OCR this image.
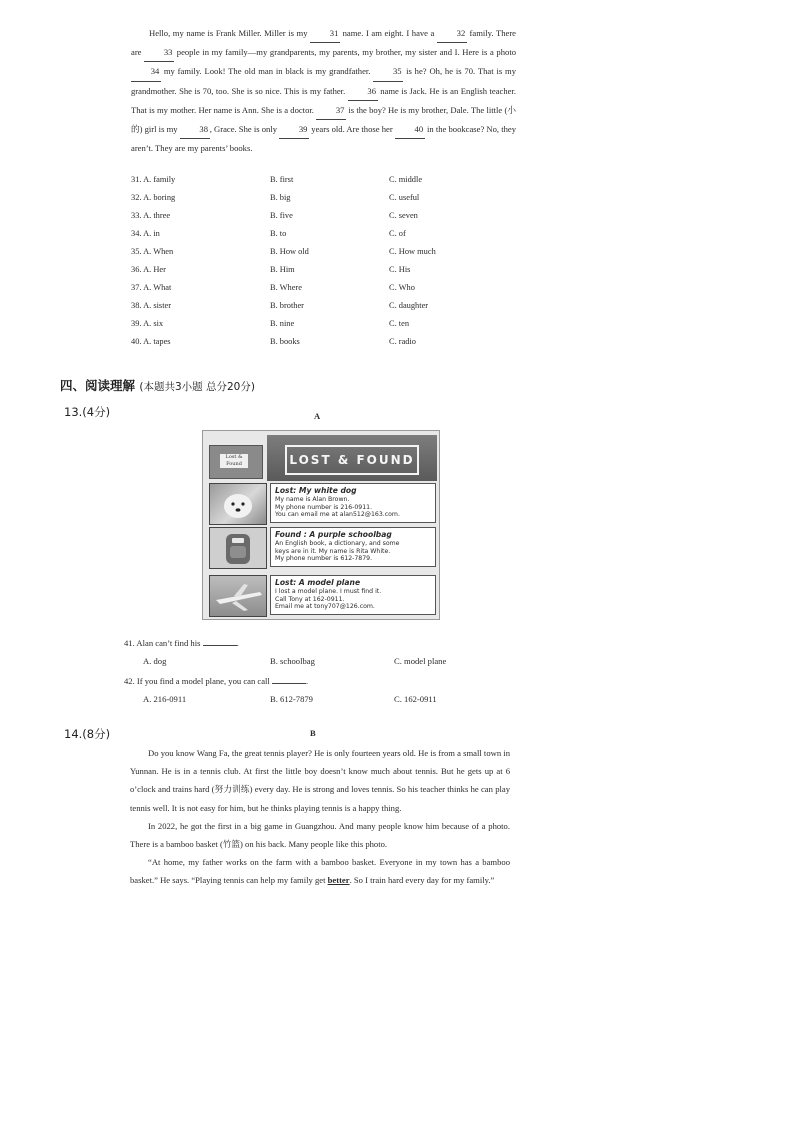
Hello, my name is Frank Miller. Miller is my 31 name. I am eight. I have a 32 family. There are 33 people in my family—my grandparents, my parents, my brother, my sister and I. Here is a photo 34 my family. Look! The old man in black is my grandfather. 35 is he? Oh, he is 70. That is my grandmother. She is 70, too. She is so nice. This is my father. 36 name is Jack. He is an English teacher. That is my mother. Her name is Ann. She is a doctor. 37 is the boy? He is my brother, Dale. The little (小的) girl is my 38 , Grace. She is only 39 years old. Are those her 40 in the bookcase? No, they aren’t. They are my parents’ books.

31. A. family	B. first	C. middle
32. A. boring	B. big	C. useful
33. A. three	B. five	C. seven
34. A. in	B. to	C. of
35. A. When	B. How old	C. How much
36. A. Her	B. Him	C. His
37. A. What	B. Where	C. Who
38. A. sister	B. brother	C. daughter
39. A. six	B. nine	C. ten
40. A. tapes	B. books	C. radio
四、阅读理解 (本题共3小题 总分20分)
13.(4分)	A
Lost & Found	LOST & FOUND
Lost: My white dog
My name is Alan Brown.
My phone number is 216-0911.
You can email me at alan512@163.com.
Found : A purple schoolbag
An English book, a dictionary, and some
keys are in it. My name is Rita White.
My phone number is 612-7879.
Lost: A model plane
I lost a model plane. I must find it.
Call Tony at 162-0911.
Email me at tony707@126.com.
41. Alan can’t find his	.
A. dog	B. schoolbag	C. model plane
42. If you find a model plane, you can call	.
A. 216-0911	B. 612-7879	C. 162-0911
14.(8分)	B

Do you know Wang Fa, the great tennis player? He is only fourteen years old. He is from a small town in Yunnan. He is in a tennis club. At first the little boy doesn’t know much about tennis. But he gets up at 6 o’clock and trains hard (努力训练) every day. He is strong and loves tennis. So his teacher thinks he can play tennis well. It is not easy for him, but he thinks playing tennis is a happy thing.

In 2022, he got the first in a big game in Guangzhou. And many people know him because of a photo. There is a bamboo basket (竹篮) on his back. Many people like this photo.

“At home, my father works on the farm with a bamboo basket. Everyone in my town has a bamboo basket.” He says. “Playing tennis can help my family get better. So I train hard every day for my family.”
